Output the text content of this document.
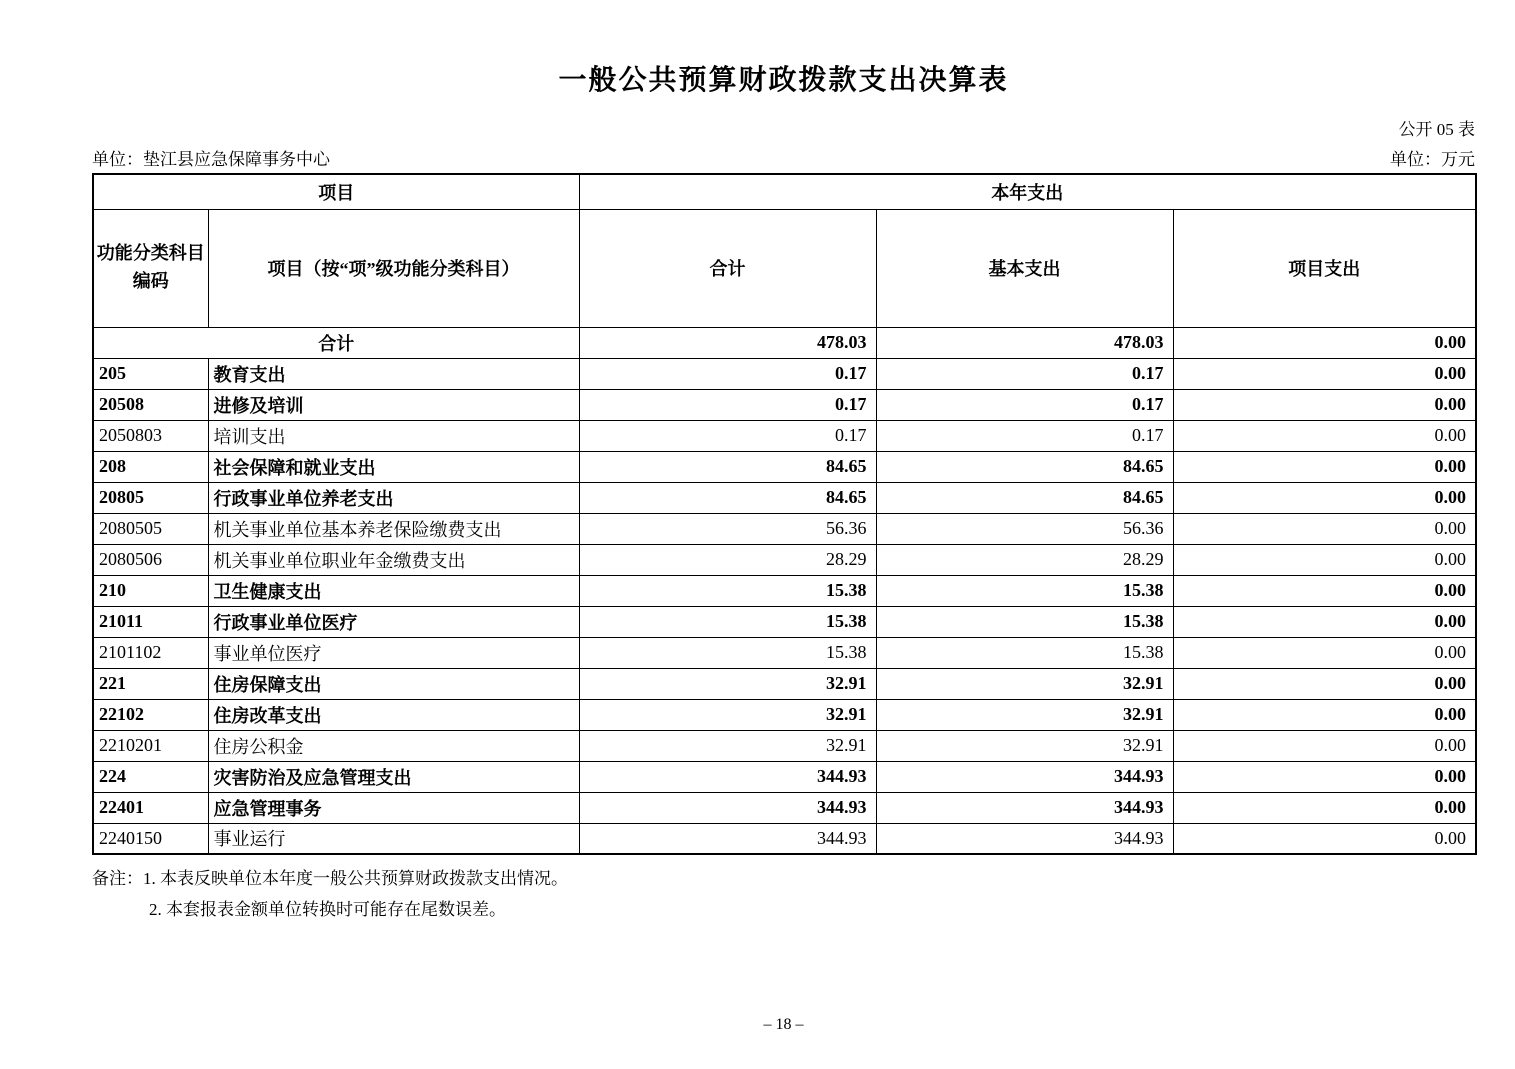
一般公共预算财政拨款支出决算表
公开 05 表
单位：垫江县应急保障事务中心	单位：万元
项目		本年支出		

功能分类科目
编码	项目（按“项”级功能分类科目）	合计	基本支出	项目支出
合计		478.03	478.03	0.00
205	教育支出	0.17	0.17	0.00
20508	进修及培训	0.17	0.17	0.00
2050803	培训支出	0.17	0.17	0.00
208	社会保障和就业支出	84.65	84.65	0.00
20805	行政事业单位养老支出	84.65	84.65	0.00
2080505	机关事业单位基本养老保险缴费支出	56.36	56.36	0.00
2080506	机关事业单位职业年金缴费支出	28.29	28.29	0.00
210	卫生健康支出	15.38	15.38	0.00
21011	行政事业单位医疗	15.38	15.38	0.00
2101102	事业单位医疗	15.38	15.38	0.00
221	住房保障支出	32.91	32.91	0.00
22102	住房改革支出	32.91	32.91	0.00
2210201	住房公积金	32.91	32.91	0.00
224	灾害防治及应急管理支出	344.93	344.93	0.00
22401	应急管理事务	344.93	344.93	0.00
2240150	事业运行	344.93	344.93	0.00
备注：1. 本表反映单位本年度一般公共预算财政拨款支出情况。
2. 本套报表金额单位转换时可能存在尾数误差。
– 18 –
